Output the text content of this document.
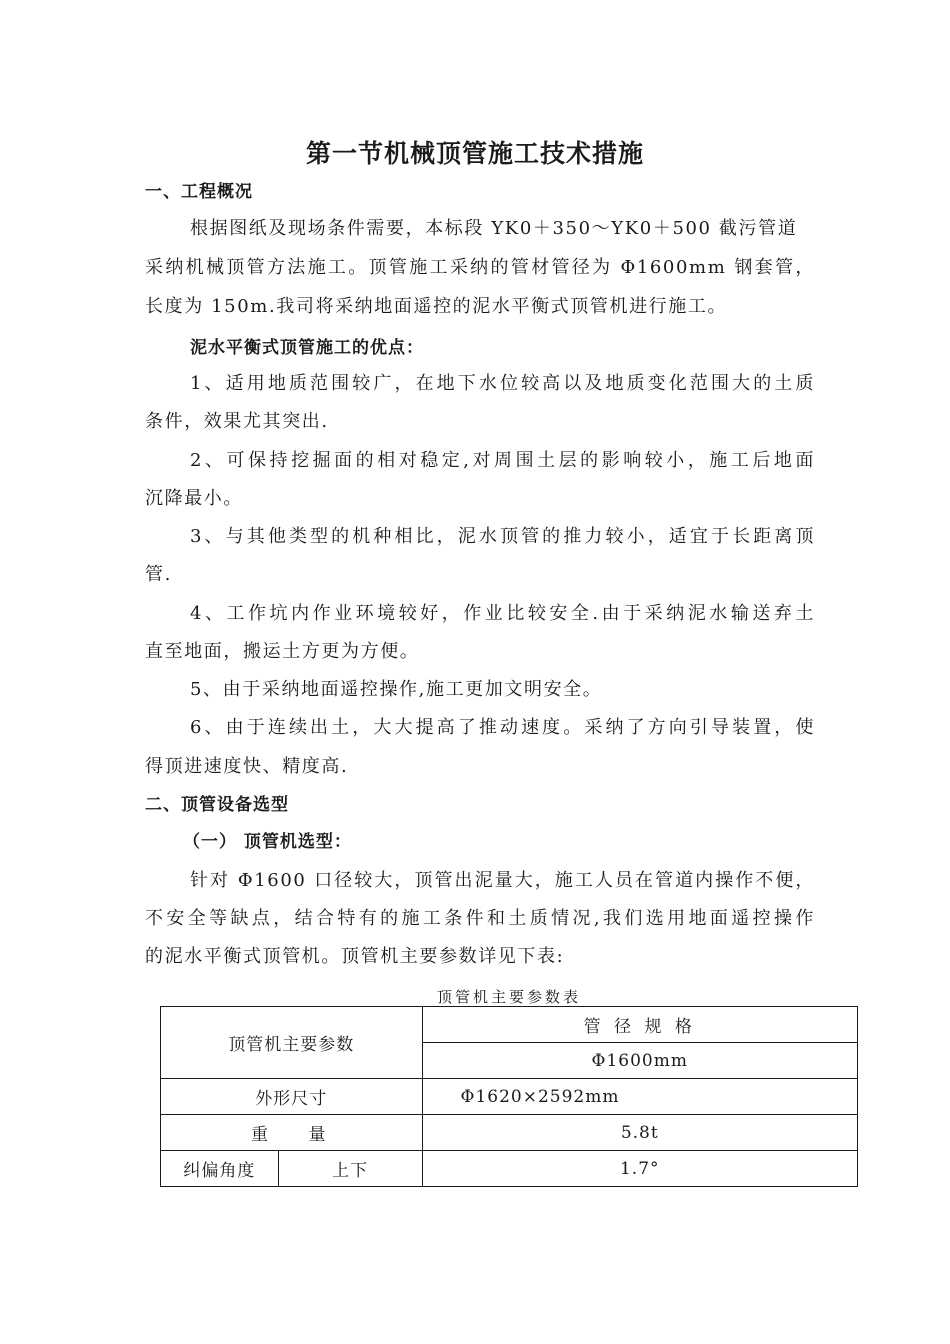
第一节机械顶管施工技术措施
一、工程概况
根据图纸及现场条件需要，本标段 YK0＋350～YK0＋500 截污管道
采纳机械顶管方法施工。顶管施工采纳的管材管径为 Φ1600mm 钢套管，
长度为 150m.我司将采纳地面遥控的泥水平衡式顶管机进行施工。
泥水平衡式顶管施工的优点：
1、适用地质范围较广，在地下水位较高以及地质变化范围大的土质
条件，效果尤其突出.
2、可保持挖掘面的相对稳定,对周围土层的影响较小，施工后地面
沉降最小。
3、与其他类型的机种相比，泥水顶管的推力较小，适宜于长距离顶
管.
4、工作坑内作业环境较好，作业比较安全.由于采纳泥水输送弃土
直至地面，搬运土方更为方便。
5、由于采纳地面遥控操作,施工更加文明安全。
6、由于连续出土，大大提高了推动速度。采纳了方向引导装置，使
得顶进速度快、精度高.
二、顶管设备选型
（一） 顶管机选型：
针对 Φ1600 口径较大，顶管出泥量大，施工人员在管道内操作不便，
不安全等缺点，结合特有的施工条件和土质情况,我们选用地面遥控操作
的泥水平衡式顶管机。顶管机主要参数详见下表:
顶管机主要参数表
顶管机主要参数		管 径 规 格
		Φ1600mm
外形尺寸		Φ1620×2592mm
重　 量		5.8t
纠偏角度	上下	1.7°
